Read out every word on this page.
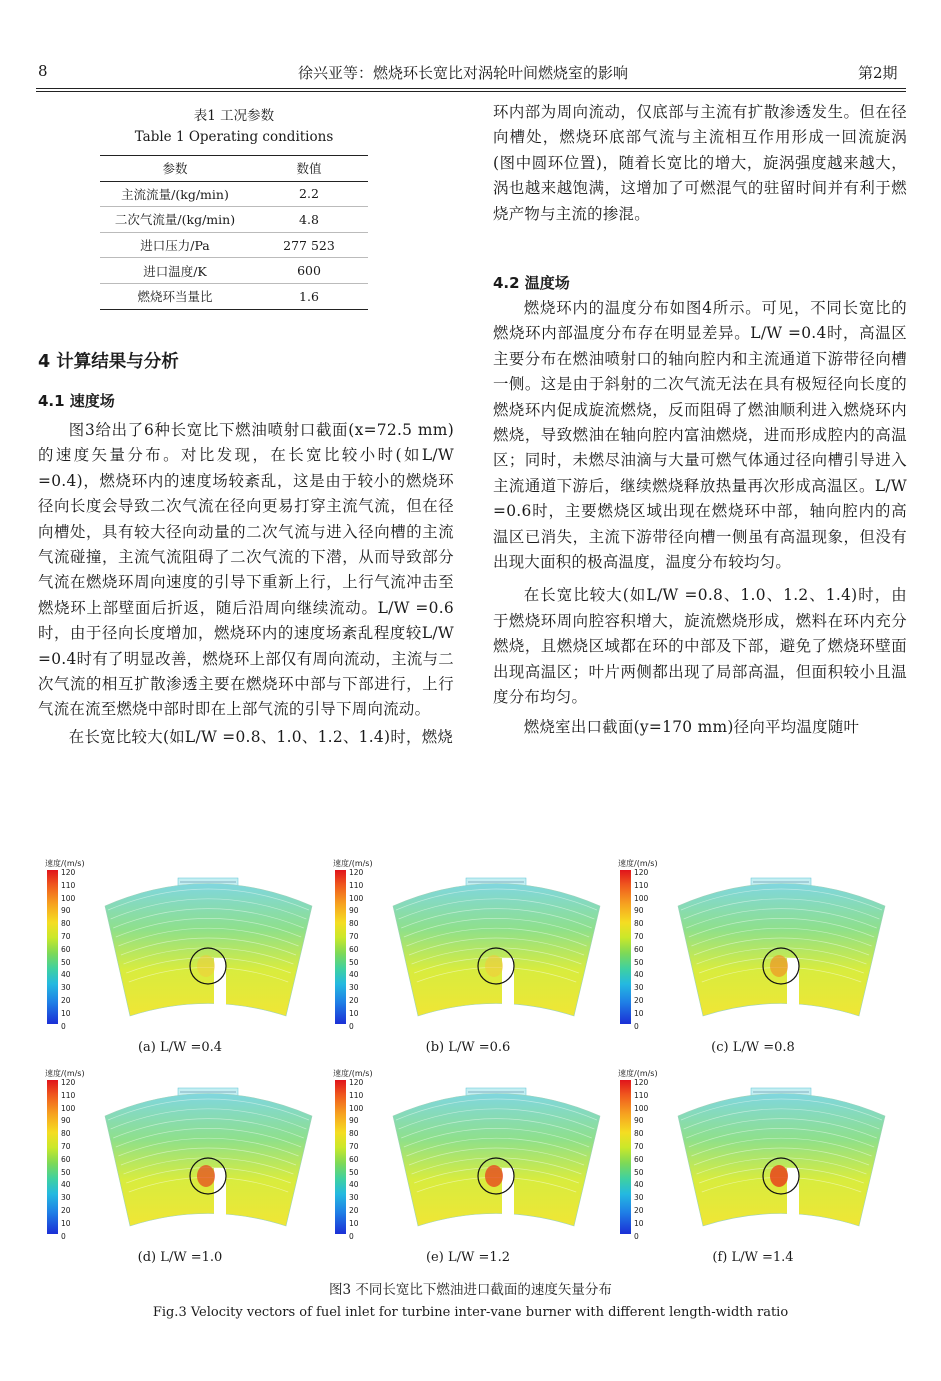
8	徐兴亚等：燃烧环长宽比对涡轮叶间燃烧室的影响	第2期
表1 工况参数
Table 1 Operating conditions
参数	数值
主流流量/(kg/min)	2.2
二次气流量/(kg/min)	4.8
进口压力/Pa	277 523
进口温度/K	600
燃烧环当量比	1.6
4 计算结果与分析
4.1 速度场

图3给出了6种长宽比下燃油喷射口截面(x=72.5 mm)的速度矢量分布。对比发现，在长宽比较小时(如L/W =0.4)，燃烧环内的速度场较紊乱，这是由于较小的燃烧环径向长度会导致二次气流在径向更易打穿主流气流，但在径向槽处，具有较大径向动量的二次气流与进入径向槽的主流气流碰撞，主流气流阻碍了二次气流的下潜，从而导致部分气流在燃烧环周向速度的引导下重新上行，上行气流冲击至燃烧环上部壁面后折返，随后沿周向继续流动。L/W =0.6时，由于径向长度增加，燃烧环内的速度场紊乱程度较L/W =0.4时有了明显改善，燃烧环上部仅有周向流动，主流与二次气流的相互扩散渗透主要在燃烧环中部与下部进行，上行气流在流至燃烧中部时即在上部气流的引导下周向流动。

在长宽比较大(如L/W =0.8、1.0、1.2、1.4)时，燃烧

环内部为周向流动，仅底部与主流有扩散渗透发生。但在径向槽处，燃烧环底部气流与主流相互作用形成一回流旋涡(图中圆环位置)，随着长宽比的增大，旋涡强度越来越大，涡也越来越饱满，这增加了可燃混气的驻留时间并有利于燃烧产物与主流的掺混。

4.2 温度场

燃烧环内的温度分布如图4所示。可见，不同长宽比的燃烧环内部温度分布存在明显差异。L/W =0.4时，高温区主要分布在燃油喷射口的轴向腔内和主流通道下游带径向槽一侧。这是由于斜射的二次气流无法在具有极短径向长度的燃烧环内促成旋流燃烧，反而阻碍了燃油顺利进入燃烧环内燃烧，导致燃油在轴向腔内富油燃烧，进而形成腔内的高温区；同时，未燃尽油滴与大量可燃气体通过径向槽引导进入主流通道下游后，继续燃烧释放热量再次形成高温区。L/W =0.6时，主要燃烧区域出现在燃烧环中部，轴向腔内的高温区已消失，主流下游带径向槽一侧虽有高温现象，但没有出现大面积的极高温度，温度分布较均匀。

在长宽比较大(如L/W =0.8、1.0、1.2、1.4)时，由于燃烧环周向腔容积增大，旋流燃烧形成，燃料在环内充分燃烧，且燃烧区域都在环的中部及下部，避免了燃烧环壁面出现高温区；叶片两侧都出现了局部高温，但面积较小且温度分布均匀。

燃烧室出口截面(y=170 mm)径向平均温度随叶

速度/(m/s)
120
110
100
90
80
70
60
50
40
30
20
10
0
(a) L/W =0.4
速度/(m/s)
120
110
100
90
80
70
60
50
40
30
20
10
0
(b) L/W =0.6
速度/(m/s)
120
110
100
90
80
70
60
50
40
30
20
10
0
(c) L/W =0.8
速度/(m/s)
120
110
100
90
80
70
60
50
40
30
20
10
0
(d) L/W =1.0
速度/(m/s)
120
110
100
90
80
70
60
50
40
30
20
10
0
(e) L/W =1.2
速度/(m/s)
120
110
100
90
80
70
60
50
40
30
20
10
0
(f) L/W =1.4
图3 不同长宽比下燃油进口截面的速度矢量分布
Fig.3 Velocity vectors of fuel inlet for turbine inter-vane burner with different length-width ratio
